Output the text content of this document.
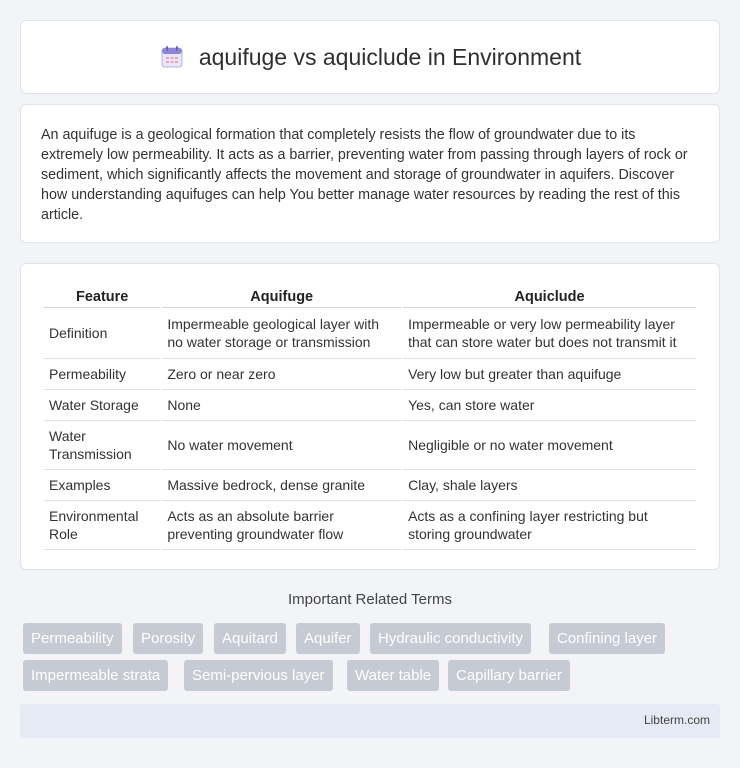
aquifuge vs aquiclude in Environment

An aquifuge is a geological formation that completely resists the flow of groundwater due to its extremely low permeability. It acts as a barrier, preventing water from passing through layers of rock or sediment, which significantly affects the movement and storage of groundwater in aquifers. Discover how understanding aquifuges can help You better manage water resources by reading the rest of this article.

Feature	Aquifuge	Aquiclude
Definition	Impermeable geological layer with no water storage or transmission	Impermeable or very low permeability layer that can store water but does not transmit it
Permeability	Zero or near zero	Very low but greater than aquifuge
Water Storage	None	Yes, can store water
Water Transmission	No water movement	Negligible or no water movement
Examples	Massive bedrock, dense granite	Clay, shale layers
Environmental Role	Acts as an absolute barrier preventing groundwater flow	Acts as a confining layer restricting but storing groundwater
Important Related Terms
Permeability	Porosity	Aquitard	Aquifer	Hydraulic conductivity	Confining layer
Impermeable strata	Semi-pervious layer	Water table	Capillary barrier
Libterm.com
